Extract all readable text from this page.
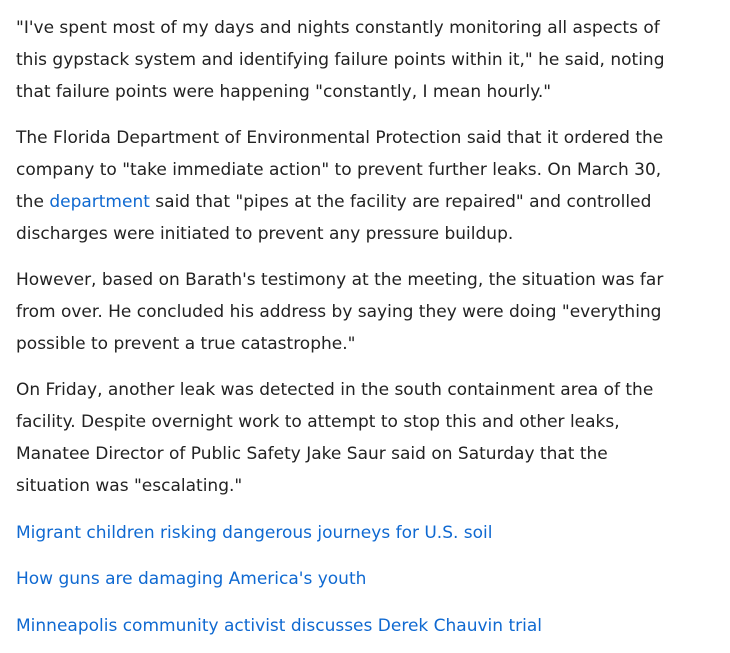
"I've spent most of my days and nights constantly monitoring all aspects of
this gypstack system and identifying failure points within it," he said, noting
that failure points were happening "constantly, I mean hourly."

The Florida Department of Environmental Protection said that it ordered the
company to "take immediate action" to prevent further leaks. On March 30,
the department said that "pipes at the facility are repaired" and controlled
discharges were initiated to prevent any pressure buildup.

However, based on Barath's testimony at the meeting, the situation was far
from over. He concluded his address by saying they were doing "everything
possible to prevent a true catastrophe."

On Friday, another leak was detected in the south containment area of the
facility. Despite overnight work to attempt to stop this and other leaks,
Manatee Director of Public Safety Jake Saur said on Saturday that the
situation was "escalating."

Migrant children risking dangerous journeys for U.S. soil
How guns are damaging America's youth
Minneapolis community activist discusses Derek Chauvin trial
